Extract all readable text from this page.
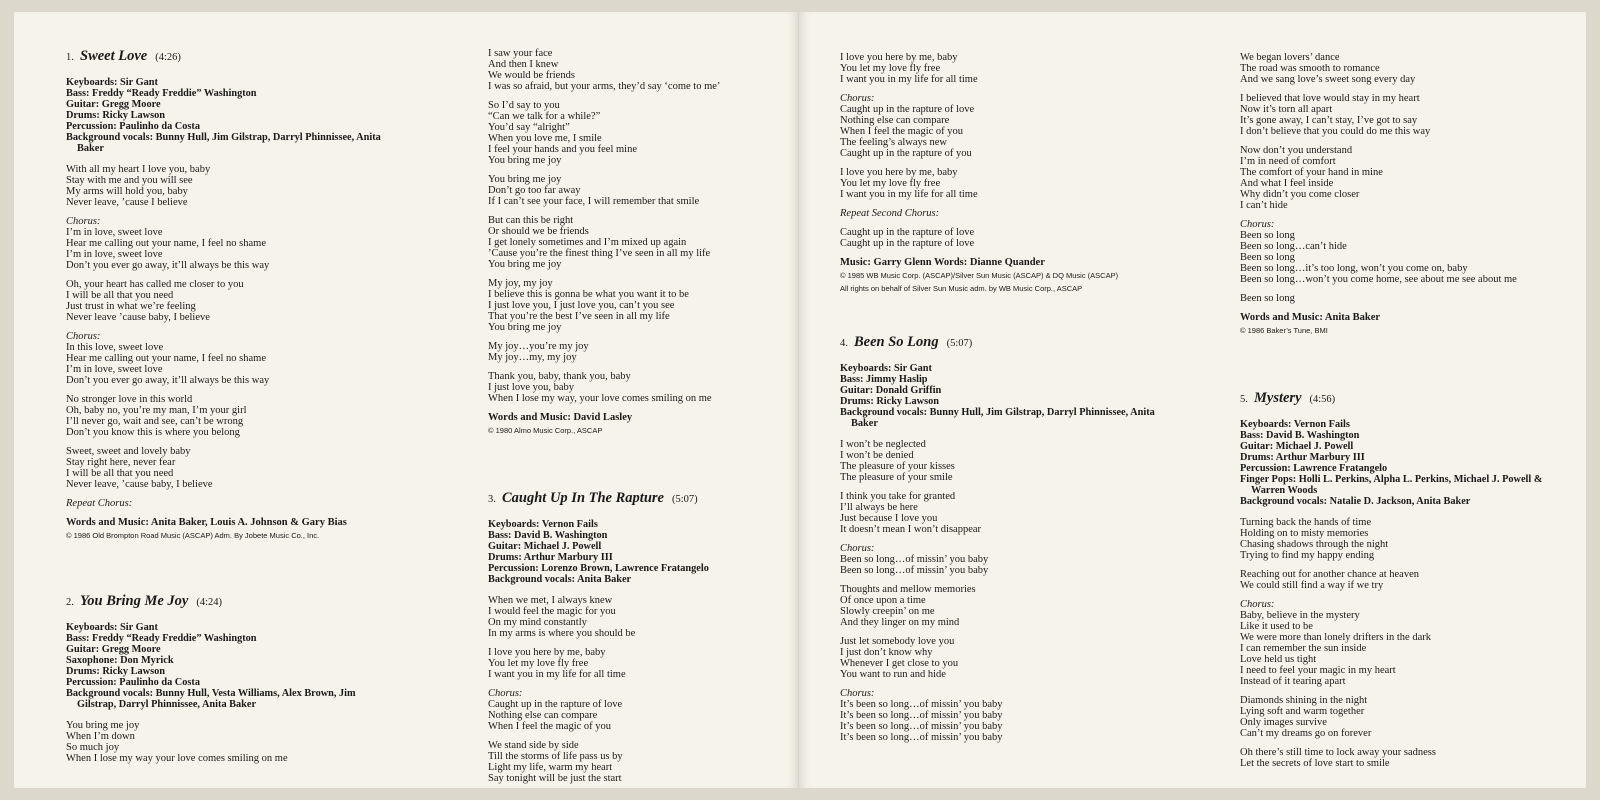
1. Sweet Love (4:26)
Keyboards: Sir Gant
Bass: Freddy “Ready Freddie” Washington
Guitar: Gregg Moore
Drums: Ricky Lawson
Percussion: Paulinho da Costa
Background vocals: Bunny Hull, Jim Gilstrap, Darryl Phinnissee, Anita Baker
With all my heart I love you, baby
Stay with me and you will see
My arms will hold you, baby
Never leave, ’cause I believe
Chorus:
I’m in love, sweet love
Hear me calling out your name, I feel no shame
I’m in love, sweet love
Don’t you ever go away, it’ll always be this way
Oh, your heart has called me closer to you
I will be all that you need
Just trust in what we’re feeling
Never leave ’cause baby, I believe
Chorus:
In this love, sweet love
Hear me calling out your name, I feel no shame
I’m in love, sweet love
Don’t you ever go away, it’ll always be this way
No stronger love in this world
Oh, baby no, you’re my man, I’m your girl
I’ll never go, wait and see, can’t be wrong
Don’t you know this is where you belong
Sweet, sweet and lovely baby
Stay right here, never fear
I will be all that you need
Never leave, ’cause baby, I believe
Repeat Chorus:
Words and Music: Anita Baker, Louis A. Johnson & Gary Bias
© 1986 Old Brompton Road Music (ASCAP) Adm. By Jobete Music Co., Inc.
2. You Bring Me Joy (4:24)
Keyboards: Sir Gant
Bass: Freddy “Ready Freddie” Washington
Guitar: Gregg Moore
Saxophone: Don Myrick
Drums: Ricky Lawson
Percussion: Paulinho da Costa
Background vocals: Bunny Hull, Vesta Williams, Alex Brown, Jim Gilstrap, Darryl Phinnissee, Anita Baker
You bring me joy
When I’m down
So much joy
When I lose my way your love comes smiling on me
I saw your face
And then I knew
We would be friends
I was so afraid, but your arms, they’d say ‘come to me’
So I’d say to you
“Can we talk for a while?”
You’d say “alright”
When you love me, I smile
I feel your hands and you feel mine
You bring me joy
You bring me joy
Don’t go too far away
If I can’t see your face, I will remember that smile
But can this be right
Or should we be friends
I get lonely sometimes and I’m mixed up again
’Cause you’re the finest thing I’ve seen in all my life
You bring me joy
My joy, my joy
I believe this is gonna be what you want it to be
I just love you, I just love you, can’t you see
That you’re the best I’ve seen in all my life
You bring me joy
My joy…you’re my joy
My joy…my, my joy
Thank you, baby, thank you, baby
I just love you, baby
When I lose my way, your love comes smiling on me
Words and Music: David Lasley
© 1980 Almo Music Corp., ASCAP
3. Caught Up In The Rapture (5:07)
Keyboards: Vernon Fails
Bass: David B. Washington
Guitar: Michael J. Powell
Drums: Arthur Marbury III
Percussion: Lorenzo Brown, Lawrence Fratangelo
Background vocals: Anita Baker
When we met, I always knew
I would feel the magic for you
On my mind constantly
In my arms is where you should be
I love you here by me, baby
You let my love fly free
I want you in my life for all time
Chorus:
Caught up in the rapture of love
Nothing else can compare
When I feel the magic of you
We stand side by side
Till the storms of life pass us by
Light my life, warm my heart
Say tonight will be just the start
I love you here by me, baby
You let my love fly free
I want you in my life for all time
Chorus:
Caught up in the rapture of love
Nothing else can compare
When I feel the magic of you
The feeling’s always new
Caught up in the rapture of you
I love you here by me, baby
You let my love fly free
I want you in my life for all time
Repeat Second Chorus:
Caught up in the rapture of love
Caught up in the rapture of love
Music: Garry Glenn Words: Dianne Quander
© 1985 WB Music Corp. (ASCAP)/Silver Sun Music (ASCAP) & DQ Music (ASCAP)
All rights on behalf of Silver Sun Music adm. by WB Music Corp., ASCAP
4. Been So Long (5:07)
Keyboards: Sir Gant
Bass: Jimmy Haslip
Guitar: Donald Griffin
Drums: Ricky Lawson
Background vocals: Bunny Hull, Jim Gilstrap, Darryl Phinnissee, Anita Baker
I won’t be neglected
I won’t be denied
The pleasure of your kisses
The pleasure of your smile
I think you take for granted
I’ll always be here
Just because I love you
It doesn’t mean I won’t disappear
Chorus:
Been so long…of missin’ you baby
Been so long…of missin’ you baby
Thoughts and mellow memories
Of once upon a time
Slowly creepin’ on me
And they linger on my mind
Just let somebody love you
I just don’t know why
Whenever I get close to you
You want to run and hide
Chorus:
It’s been so long…of missin’ you baby
It’s been so long…of missin’ you baby
It’s been so long…of missin’ you baby
It’s been so long…of missin’ you baby
We began lovers’ dance
The road was smooth to romance
And we sang love’s sweet song every day
I believed that love would stay in my heart
Now it’s torn all apart
It’s gone away, I can’t stay, I’ve got to say
I don’t believe that you could do me this way
Now don’t you understand
I’m in need of comfort
The comfort of your hand in mine
And what I feel inside
Why didn’t you come closer
I can’t hide
Chorus:
Been so long
Been so long…can’t hide
Been so long
Been so long…it’s too long, won’t you come on, baby
Been so long…won’t you come home, see about me see about me
Been so long
Words and Music: Anita Baker
© 1986 Baker’s Tune, BMI
5. Mystery (4:56)
Keyboards: Vernon Fails
Bass: David B. Washington
Guitar: Michael J. Powell
Drums: Arthur Marbury III
Percussion: Lawrence Fratangelo
Finger Pops: Holli L. Perkins, Alpha L. Perkins, Michael J. Powell & Warren Woods
Background vocals: Natalie D. Jackson, Anita Baker
Turning back the hands of time
Holding on to misty memories
Chasing shadows through the night
Trying to find my happy ending
Reaching out for another chance at heaven
We could still find a way if we try
Chorus:
Baby, believe in the mystery
Like it used to be
We were more than lonely drifters in the dark
I can remember the sun inside
Love held us tight
I need to feel your magic in my heart
Instead of it tearing apart
Diamonds shining in the night
Lying soft and warm together
Only images survive
Can’t my dreams go on forever
Oh there’s still time to lock away your sadness
Let the secrets of love start to smile
